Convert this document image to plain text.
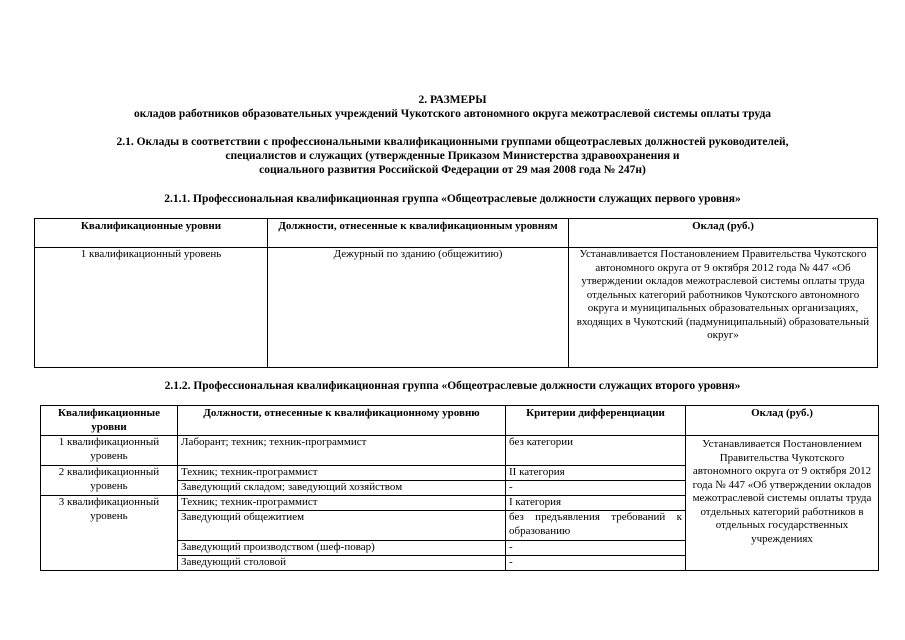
2. РАЗМЕРЫ
окладов работников образовательных учреждений Чукотского автономного округа межотраслевой системы оплаты труда
2.1. Оклады в соответствии с профессиональными квалификационными группами общеотраслевых должностей руководителей,
специалистов и служащих (утвержденные Приказом Министерства здравоохранения и
социального развития Российской Федерации от 29 мая 2008 года № 247н)
2.1.1. Профессиональная квалификационная группа «Общеотраслевые должности служащих первого уровня»
Квалификационные уровни	Должности, отнесенные к квалификационным уровням	Оклад (руб.)
1 квалификационный уровень	Дежурный по зданию (общежитию)	Устанавливается Постановлением Правительства Чукотского автономного округа от 9 октября 2012 года № 447 «Об утверждении окладов межотраслевой системы оплаты труда отдельных категорий работников Чукотского автономного округа и муниципальных образовательных организациях, входящих в Чукотский (падмуниципальный) образовательный округ»
2.1.2. Профессиональная квалификационная группа «Общеотраслевые должности служащих второго уровня»
Квалификационные уровни	Должности, отнесенные к квалификационному уровню	Критерии дифференциации	Оклад (руб.)
1 квалификационный уровень	Лаборант; техник; техник-программист	без категории	Устанавливается Постановлением Правительства Чукотского автономного округа от 9 октября 2012 года № 447 «Об утверждении окладов межотраслевой системы оплаты труда отдельных категорий работников в отдельных государственных учреждениях
2 квалификационный уровень	Техник; техник-программист	II категория	
	Заведующий складом; заведующий хозяйством	-	
3 квалификационный уровень	Техник; техник-программист	I категория	
	Заведующий общежитием	без предъявления требований к образованию	
	Заведующий производством (шеф-повар)	-	
	Заведующий столовой	-	
